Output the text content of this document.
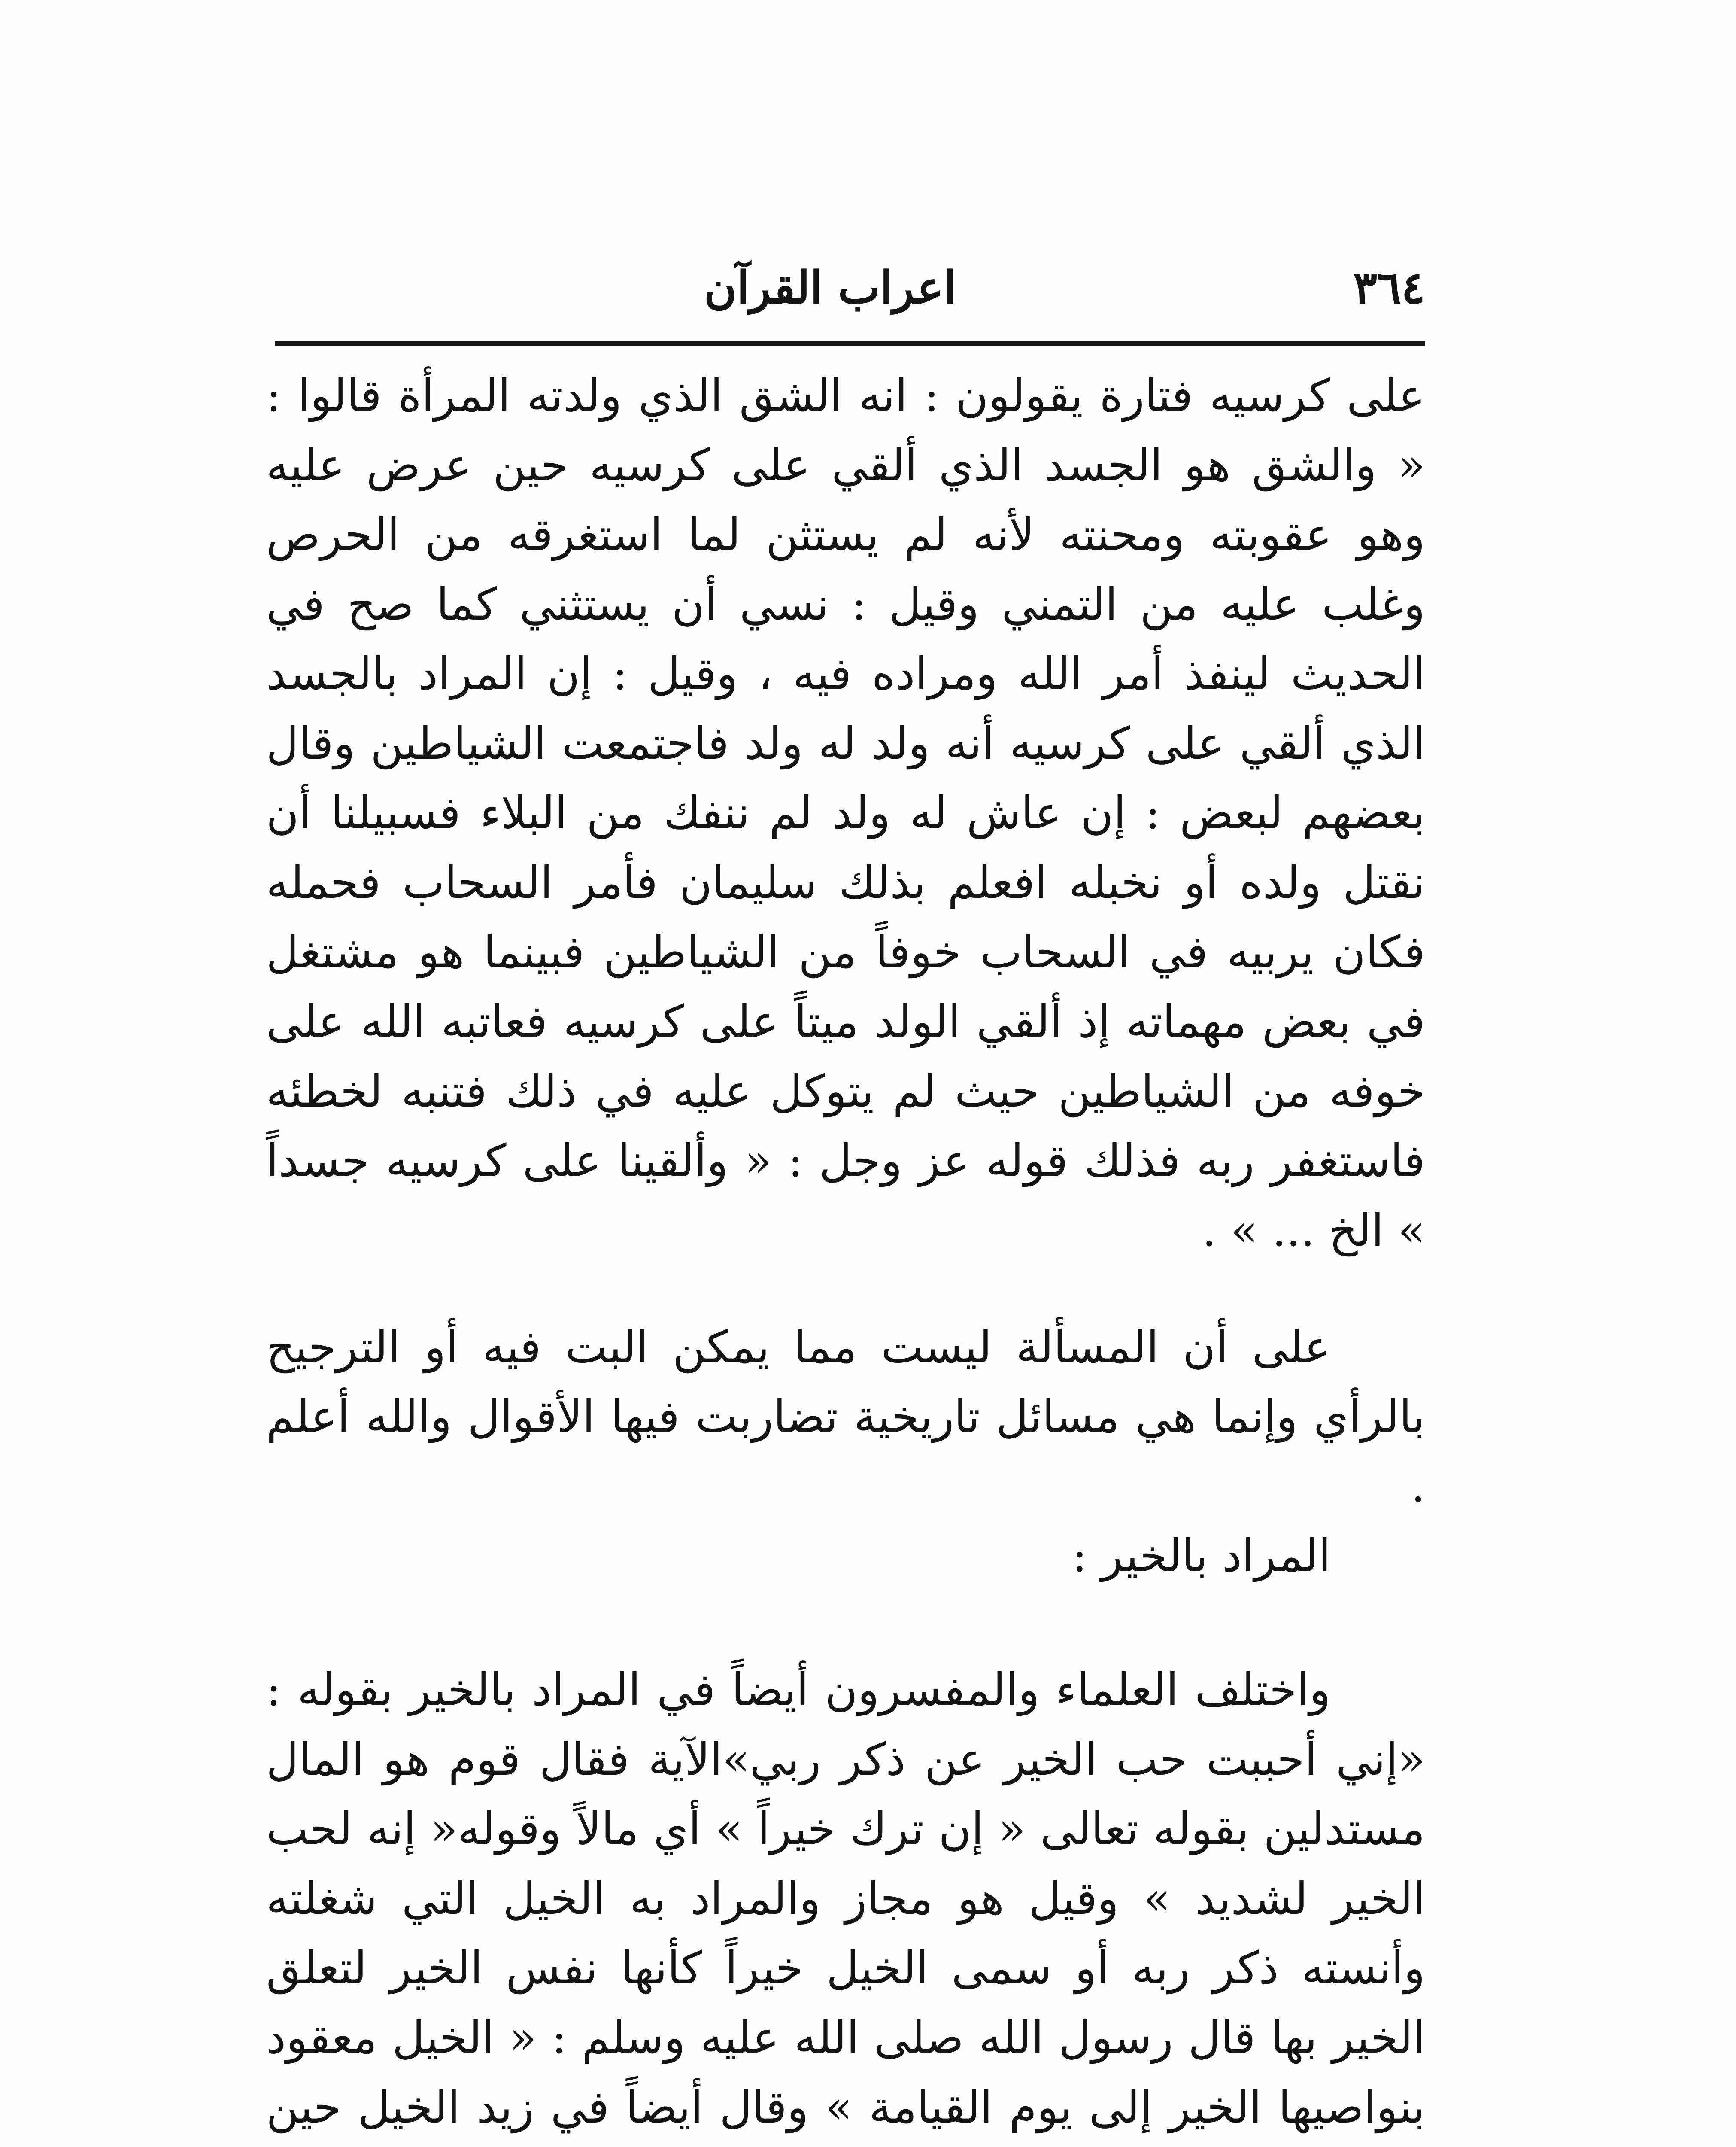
٣٦٤
اعراب القرآن

على كرسيه فتارة يقولون : انه الشق الذي ولدته المرأة قالوا : « والشق هو الجسد الذي ألقي على كرسيه حين عرض عليه وهو عقوبته ومحنته لأنه لم يستثن لما استغرقه من الحرص وغلب عليه من التمني وقيل : نسي أن يستثني كما صح في الحديث لينفذ أمر الله ومراده فيه ، وقيل : إن المراد بالجسد الذي ألقي على كرسيه أنه ولد له ولد فاجتمعت الشياطين وقال بعضهم لبعض : إن عاش له ولد لم ننفك من البلاء فسبيلنا أن نقتل ولده أو نخبله افعلم بذلك سليمان فأمر السحاب فحمله فكان يربيه في السحاب خوفاً من الشياطين فبينما هو مشتغل في بعض مهماته إذ ألقي الولد ميتاً على كرسيه فعاتبه الله على خوفه من الشياطين حيث لم يتوكل عليه في ذلك فتنبه لخطئه فاستغفر ربه فذلك قوله عز وجل : « وألقينا على كرسيه جسداً » الخ ... » .

على أن المسألة ليست مما يمكن البت فيه أو الترجيح بالرأي وإنما هي مسائل تاريخية تضاربت فيها الأقوال والله أعلم .

المراد بالخير :

واختلف العلماء والمفسرون أيضاً في المراد بالخير بقوله : «إني أحببت حب الخير عن ذكر ربي»الآية فقال قوم هو المال مستدلين بقوله تعالى « إن ترك خيراً » أي مالاً وقوله« إنه لحب الخير لشديد » وقيل هو مجاز والمراد به الخيل التي شغلته وأنسته ذكر ربه أو سمى الخيل خيراً كأنها نفس الخير لتعلق الخير بها قال رسول الله صلى الله عليه وسلم : « الخيل معقود بنواصيها الخير إلى يوم القيامة » وقال أيضاً في زيد الخيل حين
